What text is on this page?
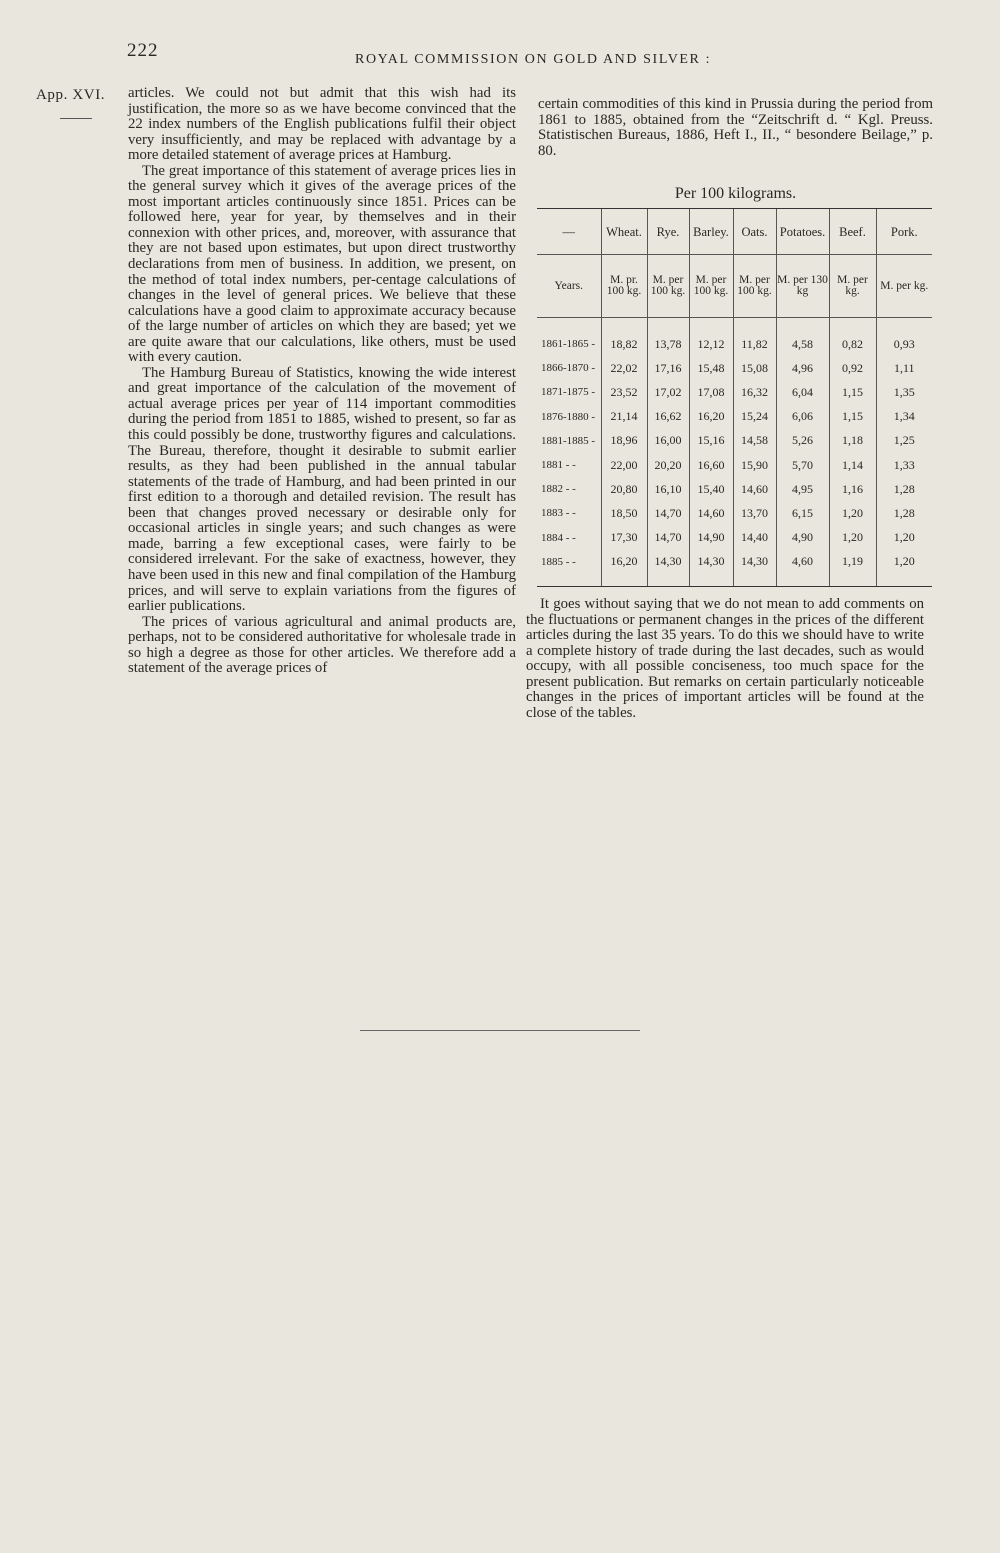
222	ROYAL COMMISSION ON GOLD AND SILVER :
App. XVI. articles. We could not but admit that this wish had its justification, the more so as we have become convinced that the 22 index numbers of the English publications fulfil their object very insufficiently, and may be replaced with advantage by a more detailed statement of average prices at Hamburg.

The great importance of this statement of average prices lies in the general survey which it gives of the average prices of the most important articles continuously since 1851. Prices can be followed here, year for year, by themselves and in their connexion with other prices, and, moreover, with assurance that they are not based upon estimates, but upon direct trustworthy declarations from men of business. In addition, we present, on the method of total index numbers, per-centage calculations of changes in the level of general prices. We believe that these calculations have a good claim to approximate accuracy because of the large number of articles on which they are based; yet we are quite aware that our calculations, like others, must be used with every caution.

The Hamburg Bureau of Statistics, knowing the wide interest and great importance of the calculation of the movement of actual average prices per year of 114 important commodities during the period from 1851 to 1885, wished to present, so far as this could possibly be done, trustworthy figures and calculations. The Bureau, therefore, thought it desirable to submit earlier results, as they had been published in the annual tabular statements of the trade of Hamburg, and had been printed in our first edition to a thorough and detailed revision. The result has been that changes proved necessary or desirable only for occasional articles in single years; and such changes as were made, barring a few exceptional cases, were fairly to be considered irrelevant. For the sake of exactness, however, they have been used in this new and final compilation of the Hamburg prices, and will serve to explain variations from the figures of earlier publications.

The prices of various agricultural and animal products are, perhaps, not to be considered authoritative for wholesale trade in so high a degree as those for other articles. We therefore add a statement of the average prices of

certain commodities of this kind in Prussia during the period from 1861 to 1885, obtained from the “Zeitschrift d. “ Kgl. Preuss. Statistischen Bureaus, 1886, Heft I., II., “ besondere Beilage,” p. 80.

Per 100 kilograms.
—	Wheat.	Rye.	Barley.	Oats.	Potatoes.	Beef.	Pork.
Years.	M. pr. 100 kg.	M. per 100 kg.	M. per 100 kg.	M. per 100 kg.	M. per 130 kg	M. per kg.	M. per kg.
1861-1865 -	18,82	13,78	12,12	11,82	4,58	0,82	0,93
1866-1870 -	22,02	17,16	15,48	15,08	4,96	0,92	1,11
1871-1875 -	23,52	17,02	17,08	16,32	6,04	1,15	1,35
1876-1880 -	21,14	16,62	16,20	15,24	6,06	1,15	1,34
1881-1885 -	18,96	16,00	15,16	14,58	5,26	1,18	1,25
1881 - -	22,00	20,20	16,60	15,90	5,70	1,14	1,33
1882 - -	20,80	16,10	15,40	14,60	4,95	1,16	1,28
1883 - -	18,50	14,70	14,60	13,70	6,15	1,20	1,28
1884 - -	17,30	14,70	14,90	14,40	4,90	1,20	1,20
1885 - -	16,20	14,30	14,30	14,30	4,60	1,19	1,20

It goes without saying that we do not mean to add comments on the fluctuations or permanent changes in the prices of the different articles during the last 35 years. To do this we should have to write a complete history of trade during the last decades, such as would occupy, with all possible conciseness, too much space for the present publication. But remarks on certain particularly noticeable changes in the prices of important articles will be found at the close of the tables.
